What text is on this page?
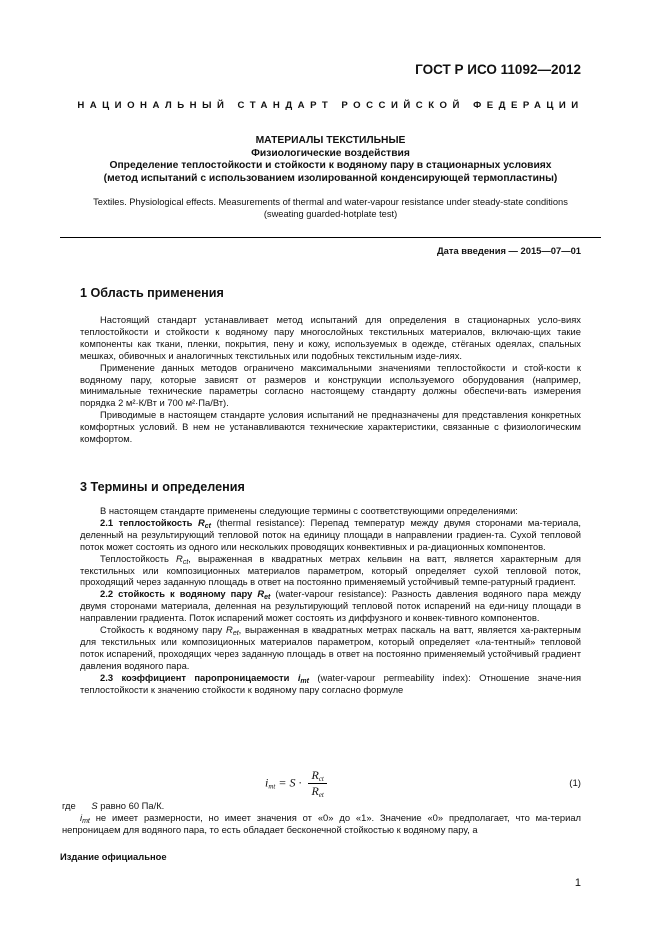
ГОСТ Р ИСО 11092—2012
НАЦИОНАЛЬНЫЙ СТАНДАРТ РОССИЙСКОЙ ФЕДЕРАЦИИ
МАТЕРИАЛЫ ТЕКСТИЛЬНЫЕ
Физиологические воздействия
Определение теплостойкости и стойкости к водяному пару в стационарных условиях
(метод испытаний с использованием изолированной конденсирующей термопластины)
Textiles. Physiological effects. Measurements of thermal and water-vapour resistance under steady-state conditions
(sweating guarded-hotplate test)
Дата введения — 2015—07—01
1 Область применения

Настоящий стандарт устанавливает метод испытаний для определения в стационарных усло-виях теплостойкости и стойкости к водяному пару многослойных текстильных материалов, включаю-щих такие компоненты как ткани, пленки, покрытия, пену и кожу, используемых в одежде, стёганых одеялах, спальных мешках, обивочных и аналогичных текстильных или подобных текстильным изде-лиях.

Применение данных методов ограничено максимальными значениями теплостойкости и стой-кости к водяному пару, которые зависят от размеров и конструкции используемого оборудования (например, минимальные технические параметры согласно настоящему стандарту должны обеспечи-вать измерения порядка 2 м²·К/Вт и 700 м²·Па/Вт).

Приводимые в настоящем стандарте условия испытаний не предназначены для представления конкретных комфортных условий. В нем не устанавливаются технические характеристики, связанные с физиологическим комфортом.

3 Термины и определения

В настоящем стандарте применены следующие термины с соответствующими определениями:

2.1 теплостойкость $R_{ct}$ (thermal resistance): Перепад температур между двумя сторонами ма-териала, деленный на результирующий тепловой поток на единицу площади в направлении градиен-та. Сухой тепловой поток может состоять из одного или нескольких проводящих конвективных и ра-диационных компонентов.

Теплостойкость $R_{ct}$, выраженная в квадратных метрах кельвин на ватт, является характерным для текстильных или композиционных материалов параметром, который определяет сухой тепловой поток, проходящий через заданную площадь в ответ на постоянно применяемый устойчивый темпе-ратурный градиент.

2.2 стойкость к водяному пару $R_{et}$ (water-vapour resistance): Разность давления водяного пара между двумя сторонами материала, деленная на результирующий тепловой поток испарений на еди-ницу площади в направлении градиента. Поток испарений может состоять из диффузного и конвек-тивного компонентов.

Стойкость к водяному пару $R_{et}$, выраженная в квадратных метрах паскаль на ватт, является ха-рактерным для текстильных или композиционных материалов параметром, который определяет «ла-тентный» тепловой поток испарений, проходящих через заданную площадь в ответ на постоянно применяемый устойчивый градиент давления водяного пара.

2.3 коэффициент паропроницаемости $i_{mt}$ (water-vapour permeability index): Отношение значе-ния теплостойкости к значению стойкости к водяному пару согласно формуле

$i_{mt} = S \cdot \frac{R_{ct}}{R_{et}}$	(1)
где S равно 60 Па/К.

$i_{mt}$ не имеет размерности, но имеет значения от «0» до «1». Значение «0» предполагает, что ма-териал непроницаем для водяного пара, то есть обладает бесконечной стойкостью к водяному пару, а

Издание официальное
1
